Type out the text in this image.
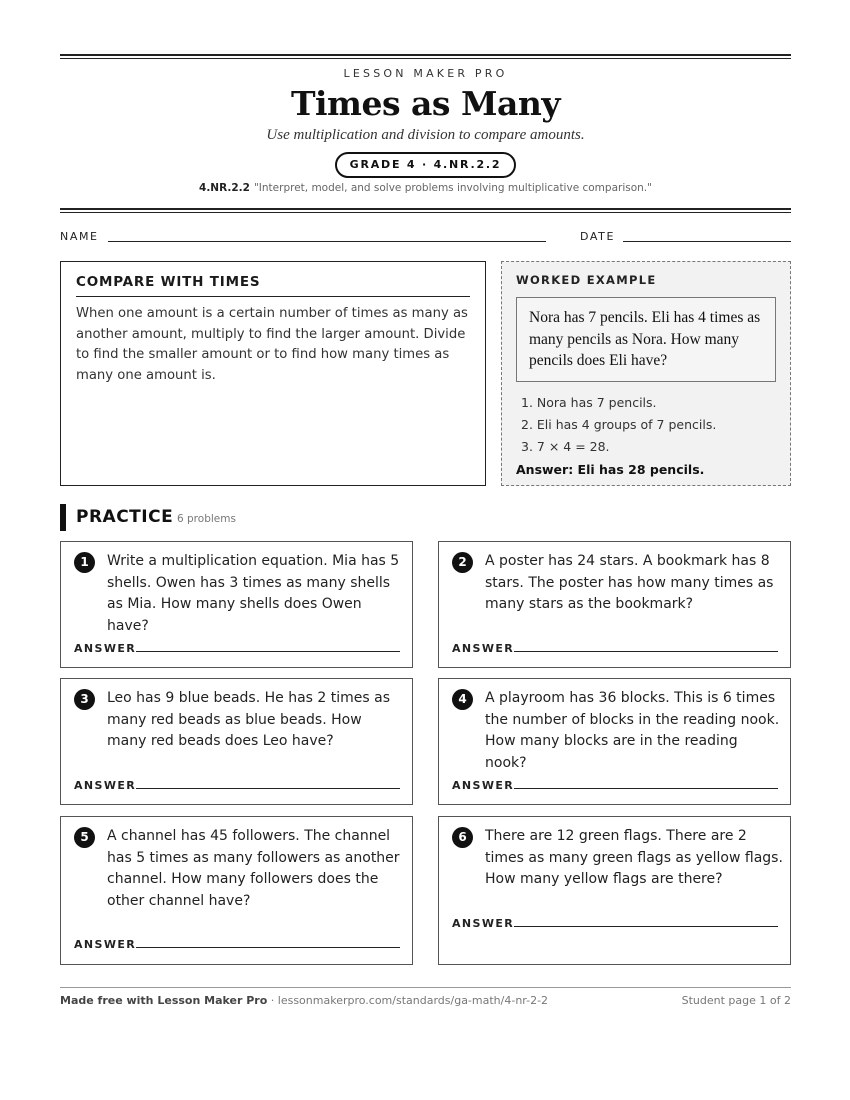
LESSON MAKER PRO
Times as Many
Use multiplication and division to compare amounts.
GRADE 4 · 4.NR.2.2
4.NR.2.2 "Interpret, model, and solve problems involving multiplicative comparison."
NAME	DATE
COMPARE WITH TIMES
When one amount is a certain number of times as many as another amount, multiply to find the larger amount. Divide to find the smaller amount or to find how many times as many one amount is.
WORKED EXAMPLE
Nora has 7 pencils. Eli has 4 times as many pencils as Nora. How many pencils does Eli have?
1. Nora has 7 pencils.
2. Eli has 4 groups of 7 pencils.
3. 7 × 4 = 28.
Answer: Eli has 28 pencils.
PRACTICE 6 problems
1	Write a multiplication equation. Mia has 5 shells. Owen has 3 times as many shells as Mia. How many shells does Owen have?
ANSWER
2	A poster has 24 stars. A bookmark has 8 stars. The poster has how many times as many stars as the bookmark?
ANSWER
3	Leo has 9 blue beads. He has 2 times as many red beads as blue beads. How many red beads does Leo have?
ANSWER
4	A playroom has 36 blocks. This is 6 times the number of blocks in the reading nook. How many blocks are in the reading nook?
ANSWER
5	A channel has 45 followers. The channel has 5 times as many followers as another channel. How many followers does the other channel have?
ANSWER
6	There are 12 green flags. There are 2 times as many green flags as yellow flags. How many yellow flags are there?
ANSWER
Made free with Lesson Maker Pro · lessonmakerpro.com/standards/ga-math/4-nr-2-2	Student page 1 of 2
